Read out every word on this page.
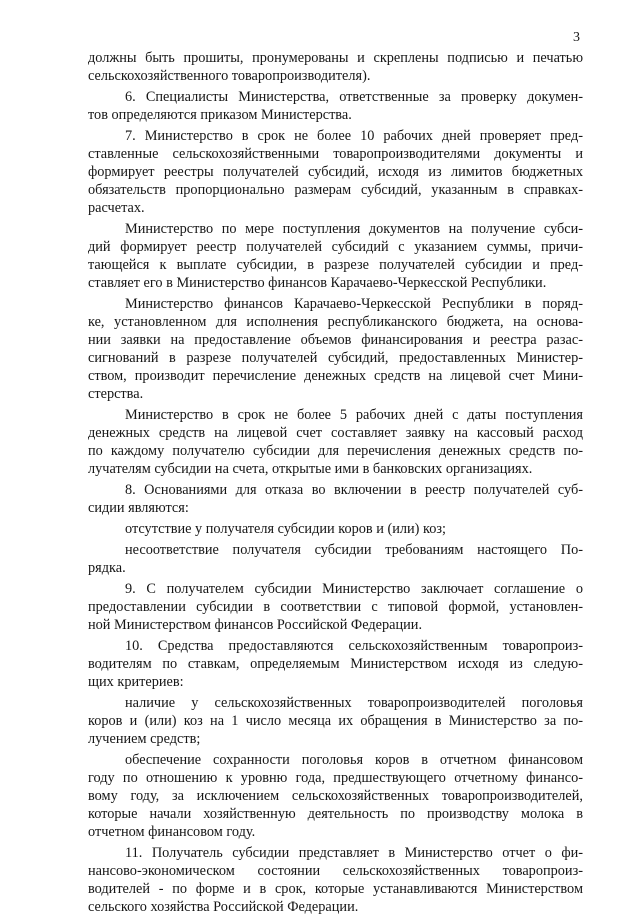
3
должны быть прошиты, пронумерованы и скреплены подписью и печатью
сельскохозяйственного товаропроизводителя).
6. Специалисты Министерства, ответственные за проверку докумен-
тов определяются приказом Министерства.
7. Министерство в срок не более 10 рабочих дней проверяет пред-
ставленные сельскохозяйственными товаропроизводителями документы и
формирует реестры получателей субсидий, исходя из лимитов бюджетных
обязательств пропорционально размерам субсидий, указанным в справках-
расчетах.
Министерство по мере поступления документов на получение субси-
дий формирует реестр получателей субсидий с указанием суммы, причи-
тающейся к выплате субсидии, в разрезе получателей субсидии и пред-
ставляет его в Министерство финансов Карачаево-Черкесской Республики.
Министерство финансов Карачаево-Черкесской Республики в поряд-
ке, установленном для исполнения республиканского бюджета, на основа-
нии заявки на предоставление объемов финансирования и реестра разас-
сигнований в разрезе получателей субсидий, предоставленных Министер-
ством, производит перечисление денежных средств на лицевой счет Мини-
стерства.
Министерство в срок не более 5 рабочих дней с даты поступления
денежных средств на лицевой счет составляет заявку на кассовый расход
по каждому получателю субсидии для перечисления денежных средств по-
лучателям субсидии на счета, открытые ими в банковских организациях.
8. Основаниями для отказа во включении в реестр получателей суб-
сидии являются:
отсутствие у получателя субсидии коров и (или) коз;
несоответствие получателя субсидии требованиям настоящего По-
рядка.
9. С получателем субсидии Министерство заключает соглашение о
предоставлении субсидии в соответствии с типовой формой, установлен-
ной Министерством финансов Российской Федерации.
10. Средства предоставляются сельскохозяйственным товаропроиз-
водителям по ставкам, определяемым Министерством исходя из следую-
щих критериев:
наличие у сельскохозяйственных товаропроизводителей поголовья
коров и (или) коз на 1 число месяца их обращения в Министерство за по-
лучением средств;
обеспечение сохранности поголовья коров в отчетном финансовом
году по отношению к уровню года, предшествующего отчетному финансо-
вому году, за исключением сельскохозяйственных товаропроизводителей,
которые начали хозяйственную деятельность по производству молока в
отчетном финансовом году.
11. Получатель субсидии представляет в Министерство отчет о фи-
нансово-экономическом состоянии сельскохозяйственных товаропроиз-
водителей - по форме и в срок, которые устанавливаются Министерством
сельского хозяйства Российской Федерации.
